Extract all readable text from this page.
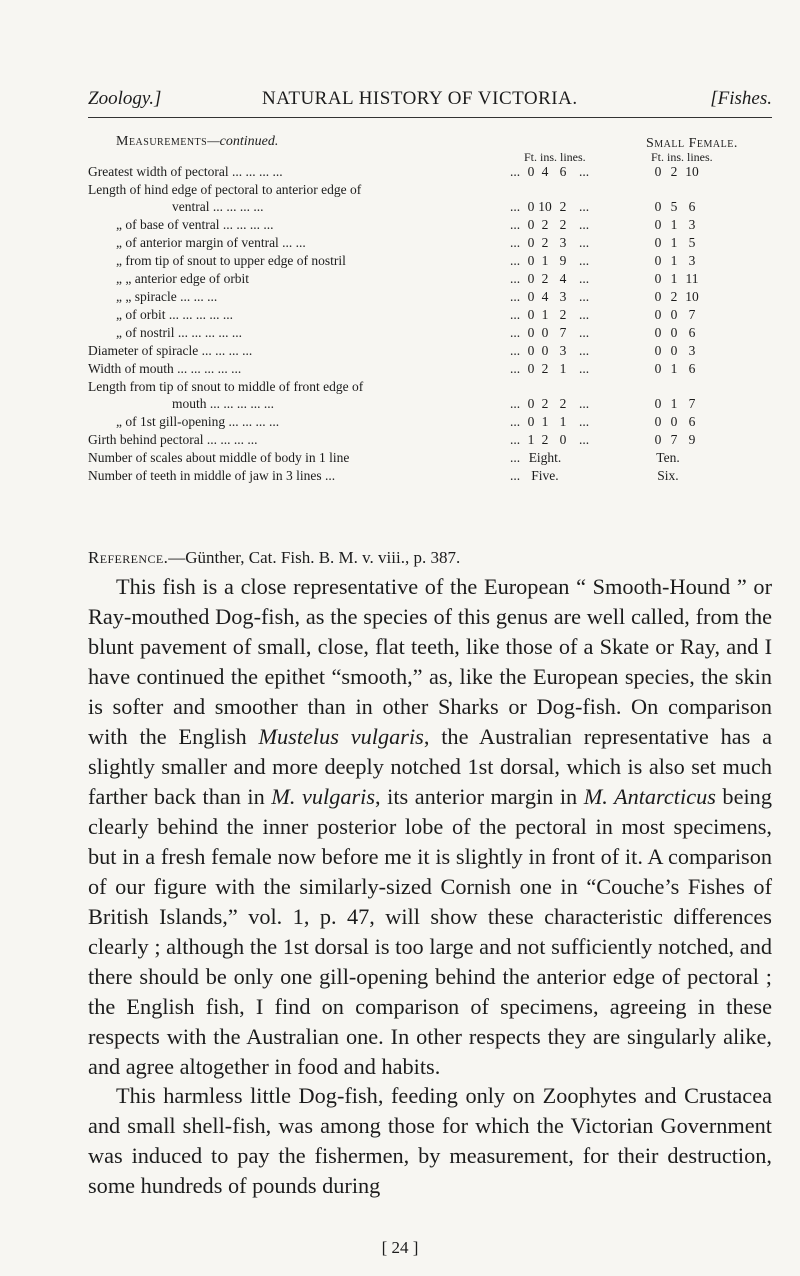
Zoology.]	NATURAL HISTORY OF VICTORIA.	[Fishes.
Measurements—continued.	Small Female.
Ft. ins. lines.	Ft. ins. lines.
Greatest width of pectoral ... ... ... ...	... 0 4 6 ...	0 2 10
Length of hind edge of pectoral to anterior edge of
ventral ... ... ... ...	... 0 10 2 ...	0 5 6
„ of base of ventral ... ... ... ...	... 0 2 2 ...	0 1 3
„ of anterior margin of ventral ... ...	... 0 2 3 ...	0 1 5
„ from tip of snout to upper edge of nostril	... 0 1 9 ...	0 1 3
„ „ anterior edge of orbit	... 0 2 4 ...	0 1 11
„ „ spiracle ... ... ...	... 0 4 3 ...	0 2 10
„ of orbit ... ... ... ... ...	... 0 1 2 ...	0 0 7
„ of nostril ... ... ... ... ...	... 0 0 7 ...	0 0 6
Diameter of spiracle ... ... ... ...	... 0 0 3 ...	0 0 3
Width of mouth ... ... ... ... ...	... 0 2 1 ...	0 1 6
Length from tip of snout to middle of front edge of
mouth ... ... ... ... ...	... 0 2 2 ...	0 1 7
„ of 1st gill-opening ... ... ... ...	... 0 1 1 ...	0 0 6
Girth behind pectoral ... ... ... ...	... 1 2 0 ...	0 7 9
Number of scales about middle of body in 1 line	... Eight.	Ten.
Number of teeth in middle of jaw in 3 lines ...	... Five.	Six.
Reference.—Günther, Cat. Fish. B. M. v. viii., p. 387.

This fish is a close representative of the European “ Smooth-Hound ” or Ray-mouthed Dog-fish, as the species of this genus are well called, from the blunt pavement of small, close, flat teeth, like those of a Skate or Ray, and I have continued the epithet “smooth,” as, like the European species, the skin is softer and smoother than in other Sharks or Dog-fish. On comparison with the English Mustelus vulgaris, the Australian representative has a slightly smaller and more deeply notched 1st dorsal, which is also set much farther back than in M. vulgaris, its anterior margin in M. Antarcticus being clearly behind the inner posterior lobe of the pectoral in most specimens, but in a fresh female now before me it is slightly in front of it. A comparison of our figure with the similarly-sized Cornish one in “Couche’s Fishes of British Islands,” vol. 1, p. 47, will show these characteristic differences clearly ; although the 1st dorsal is too large and not sufficiently notched, and there should be only one gill-opening behind the anterior edge of pectoral ; the English fish, I find on comparison of specimens, agreeing in these respects with the Australian one. In other respects they are singularly alike, and agree altogether in food and habits.

This harmless little Dog-fish, feeding only on Zoophytes and Crustacea and small shell-fish, was among those for which the Victorian Government was induced to pay the fishermen, by measurement, for their destruction, some hundreds of pounds during

[ 24 ]
